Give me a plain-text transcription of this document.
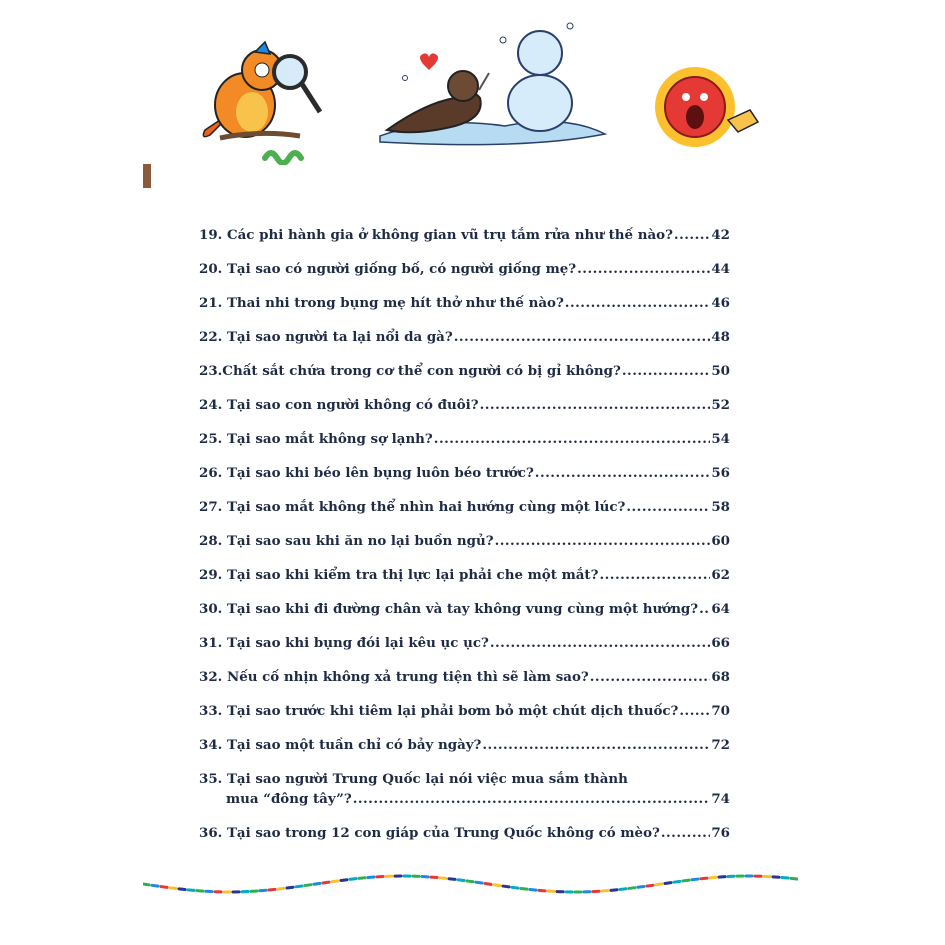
19. Các phi hành gia ở không gian vũ trụ tắm rửa như thế nào? .....	42
20. Tại sao có người giống bố, có người giống mẹ? .....	44
21. Thai nhi trong bụng mẹ hít thở như thế nào? .....	46
22. Tại sao người ta lại nổi da gà? .....	48
23.Chất sắt chứa trong cơ thể con người có bị gỉ không? .....	50
24. Tại sao con người không có đuôi? .....	52
25. Tại sao mắt không sợ lạnh? .....	54
26. Tại sao khi béo lên bụng luôn béo trước? .....	56
27. Tại sao mắt không thể nhìn hai hướng cùng một lúc? .....	58
28. Tại sao sau khi ăn no lại buồn ngủ? .....	60
29. Tại sao khi kiểm tra thị lực lại phải che một mắt? .....	62
30. Tại sao khi đi đường chân và tay không vung cùng một hướng? ..... 64
31. Tại sao khi bụng đói lại kêu ục ục? .....	66
32. Nếu cố nhịn không xả trung tiện thì sẽ làm sao? .....	68
33. Tại sao trước khi tiêm lại phải bơm bỏ một chút dịch thuốc? ..... 70
34. Tại sao một tuần chỉ có bảy ngày? .....	72
35. Tại sao người Trung Quốc lại nói việc mua sắm thành
mua “đông tây”? .....	74
36. Tại sao trong 12 con giáp của Trung Quốc không có mèo? .....	76
